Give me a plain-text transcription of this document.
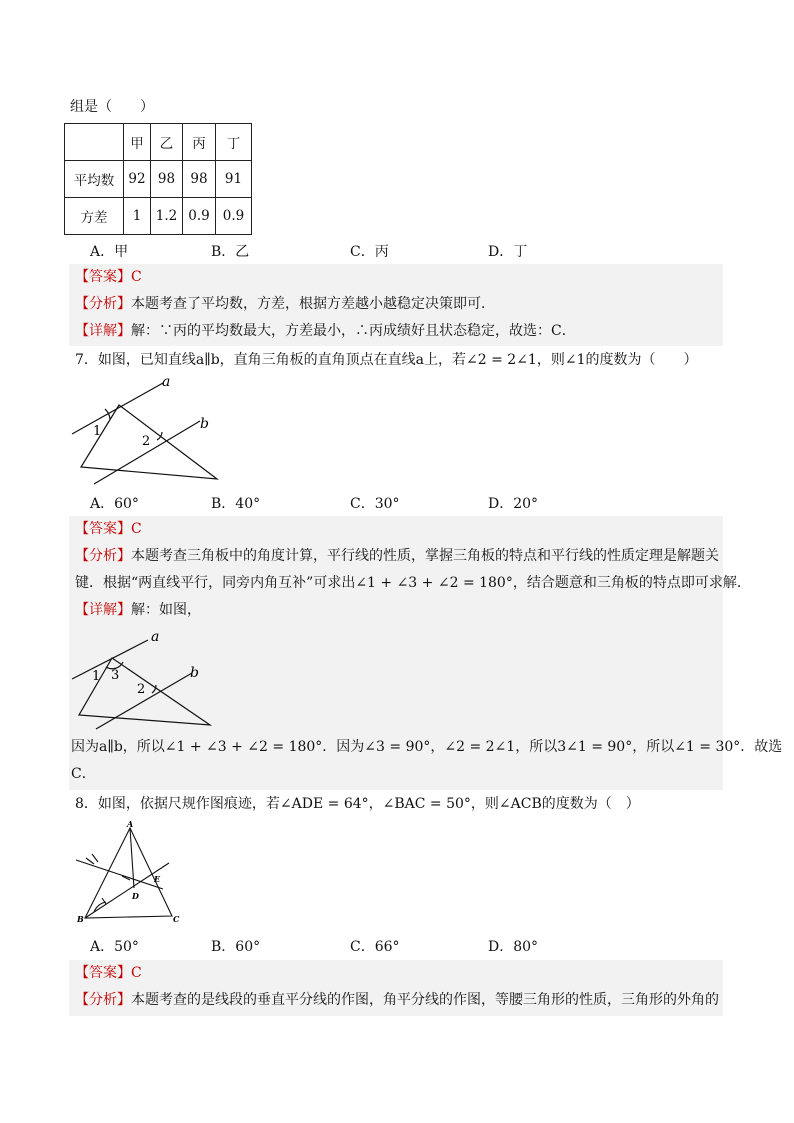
组是（　　）
	甲	乙	丙	丁
平均数	92	98	98	91
方差	1	1.2	0.9	0.9
A．甲	B．乙	C．丙	D．丁
【答案】C
【分析】本题考查了平均数，方差，根据方差越小越稳定决策即可．
【详解】解：∵丙的平均数最大，方差最小，∴丙成绩好且状态稳定，故选：C．
7．如图，已知直线a∥b，直角三角板的直角顶点在直线a上，若∠2 = 2∠1，则∠1的度数为（　　）
a
b
1
2
A．60°	B．40°	C．30°	D．20°
【答案】C
【分析】本题考查三角板中的角度计算，平行线的性质，掌握三角板的特点和平行线的性质定理是解题关
键．根据“两直线平行，同旁内角互补”可求出∠1 + ∠3 + ∠2 = 180°，结合题意和三角板的特点即可求解．
【详解】解：如图，
a
b
1 3
2
因为a∥b，所以∠1 + ∠3 + ∠2 = 180°．因为∠3 = 90°，∠2 = 2∠1，所以3∠1 = 90°，所以∠1 = 30°．故选
C．
8．如图，依据尺规作图痕迹，若∠ADE = 64°，∠BAC = 50°，则∠ACB的度数为（　）
A
B	C
D
E
A．50°	B．60°	C．66°	D．80°
【答案】C
【分析】本题考查的是线段的垂直平分线的作图，角平分线的作图，等腰三角形的性质，三角形的外角的
